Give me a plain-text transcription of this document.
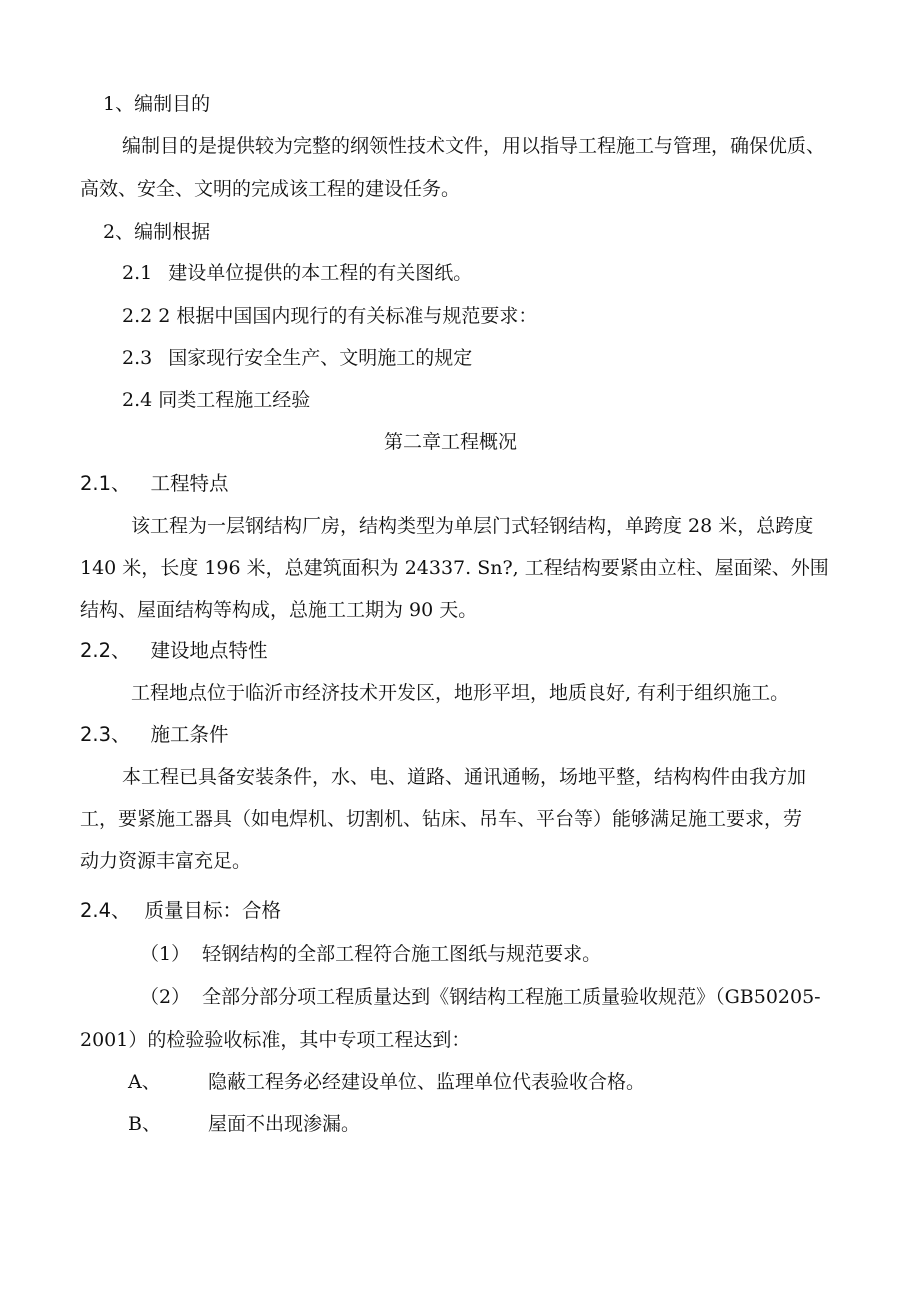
1、编制目的
编制目的是提供较为完整的纲领性技术文件，用以指导工程施工与管理，确保优质、
高效、安全、文明的完成该工程的建设任务。
2、编制根据
2.1 建设单位提供的本工程的有关图纸。
2.2 2 根据中国国内现行的有关标准与规范要求：
2.3 国家现行安全生产、文明施工的规定
2.4 同类工程施工经验
第二章工程概况
2.1、 工程特点
该工程为一层钢结构厂房，结构类型为单层门式轻钢结构，单跨度 28 米，总跨度
140 米，长度 196 米，总建筑面积为 24337. Sn?, 工程结构要紧由立柱、屋面梁、外围
结构、屋面结构等构成，总施工工期为 90 天。
2.2、 建设地点特性
工程地点位于临沂市经济技术开发区，地形平坦，地质良好, 有利于组织施工。
2.3、 施工条件
本工程已具备安装条件，水、电、道路、通讯通畅，场地平整，结构构件由我方加
工，要紧施工器具（如电焊机、切割机、钻床、吊车、平台等）能够满足施工要求，劳
动力资源丰富充足。
2.4、 质量目标：合格
（1） 轻钢结构的全部工程符合施工图纸与规范要求。
（2） 全部分部分项工程质量达到《钢结构工程施工质量验收规范》（GB50205-
2001）的检验验收标准，其中专项工程达到：
A、 隐蔽工程务必经建设单位、监理单位代表验收合格。
B、 屋面不出现渗漏。
